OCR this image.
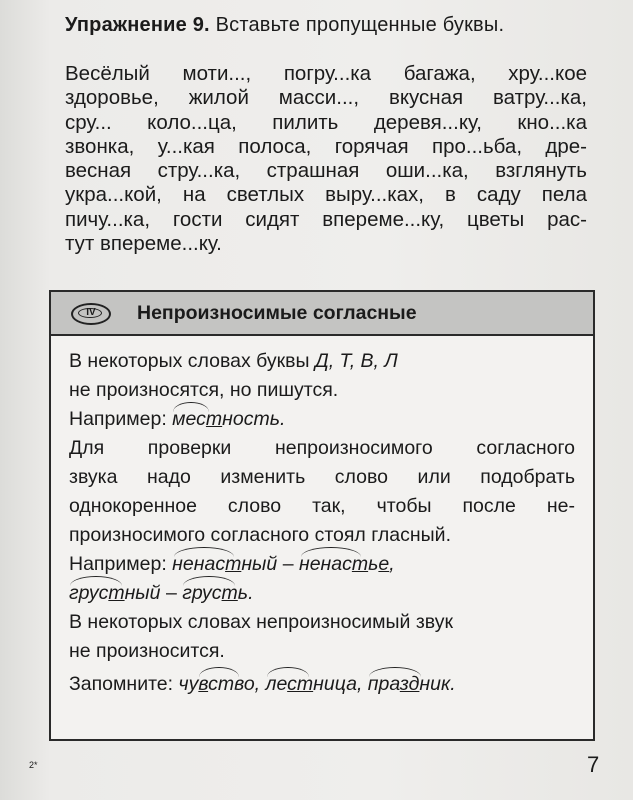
Упражнение 9. Вставьте пропущенные буквы.
Весёлый моти..., погру...ка багажа, хру...кое
здоровье, жилой масси..., вкусная ватру...ка,
сру... коло...ца, пилить деревя...ку, кно...ка
звонка, у...кая полоса, горячая про...ьба, дре-
весная стру...ка, страшная оши...ка, взглянуть
укра...кой, на светлых выру...ках, в саду пела
пичу...ка, гости сидят впереме...ку, цветы рас-
тут впереме...ку.
IV	Непроизносимые согласные
В некоторых словах буквы Д, Т, В, Л
не произносятся, но пишутся.
Например: местность.
Для проверки непроизносимого согласного
звука надо изменить слово или подобрать
однокоренное слово так, чтобы после не-
произносимого согласного стоял гласный.
Например: ненастный – ненастье,
грустный – грусть.
В некоторых словах непроизносимый звук
не произносится.
Запомните: чувство, лестница, праздник.
2*	7
